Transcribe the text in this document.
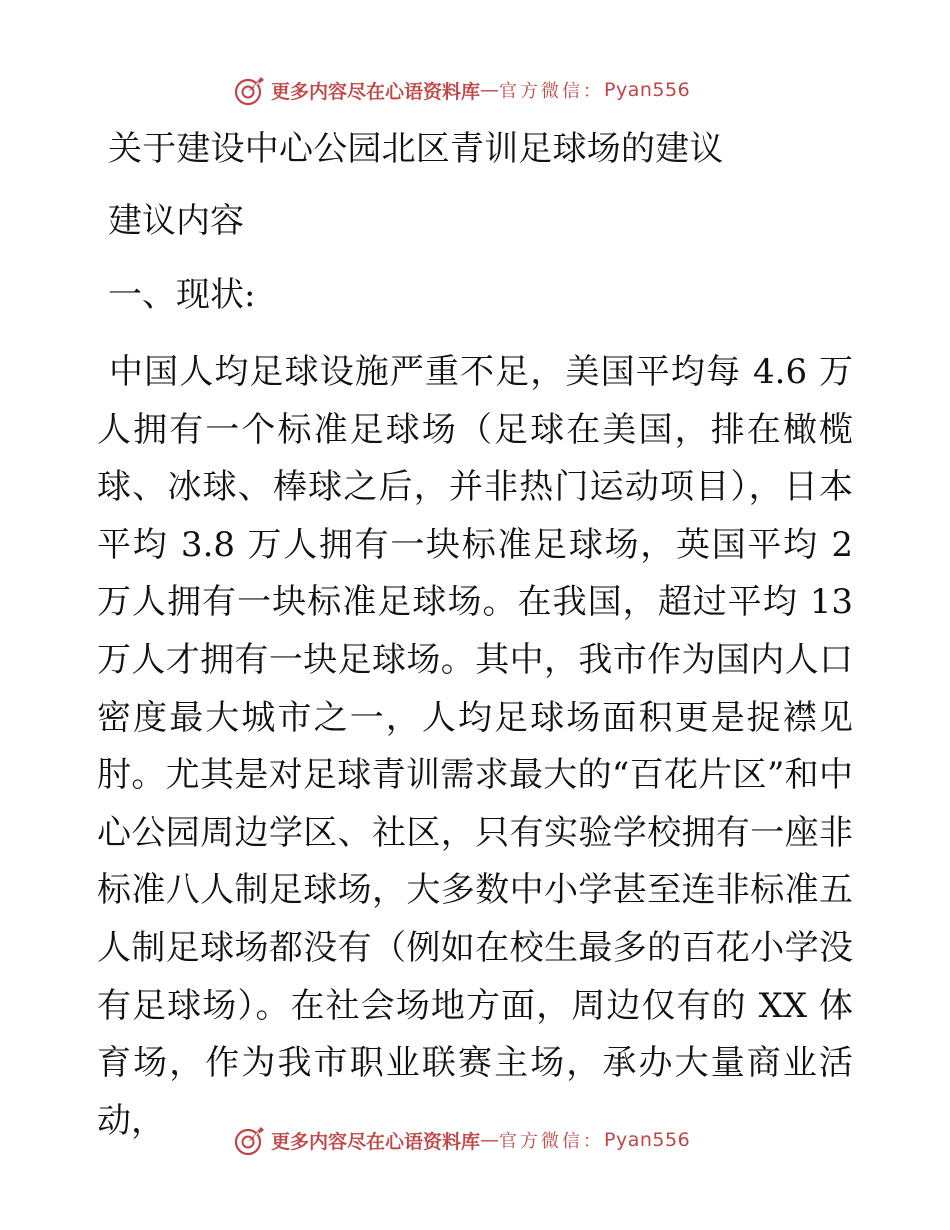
更多内容尽在心语资料库 — 官方微信： Pyan556
关于建设中心公园北区青训足球场的建议
建议内容
一、现状:
中国人均足球设施严重不足，美国平均每 4.6 万人拥有一个标准足球场（足球在美国，排在橄榄球、冰球、棒球之后，并非热门运动项目），日本平均 3.8 万人拥有一块标准足球场，英国平均 2 万人拥有一块标准足球场。在我国，超过平均 13 万人才拥有一块足球场。其中，我市作为国内人口密度最大城市之一，人均足球场面积更是捉襟见肘。尤其是对足球青训需求最大的“百花片区”和中心公园周边学区、社区，只有实验学校拥有一座非标准八人制足球场，大多数中小学甚至连非标准五人制足球场都没有（例如在校生最多的百花小学没有足球场）。在社会场地方面，周边仅有的 XX 体育场，作为我市职业联赛主场，承办大量商业活动，
更多内容尽在心语资料库 — 官方微信： Pyan556
